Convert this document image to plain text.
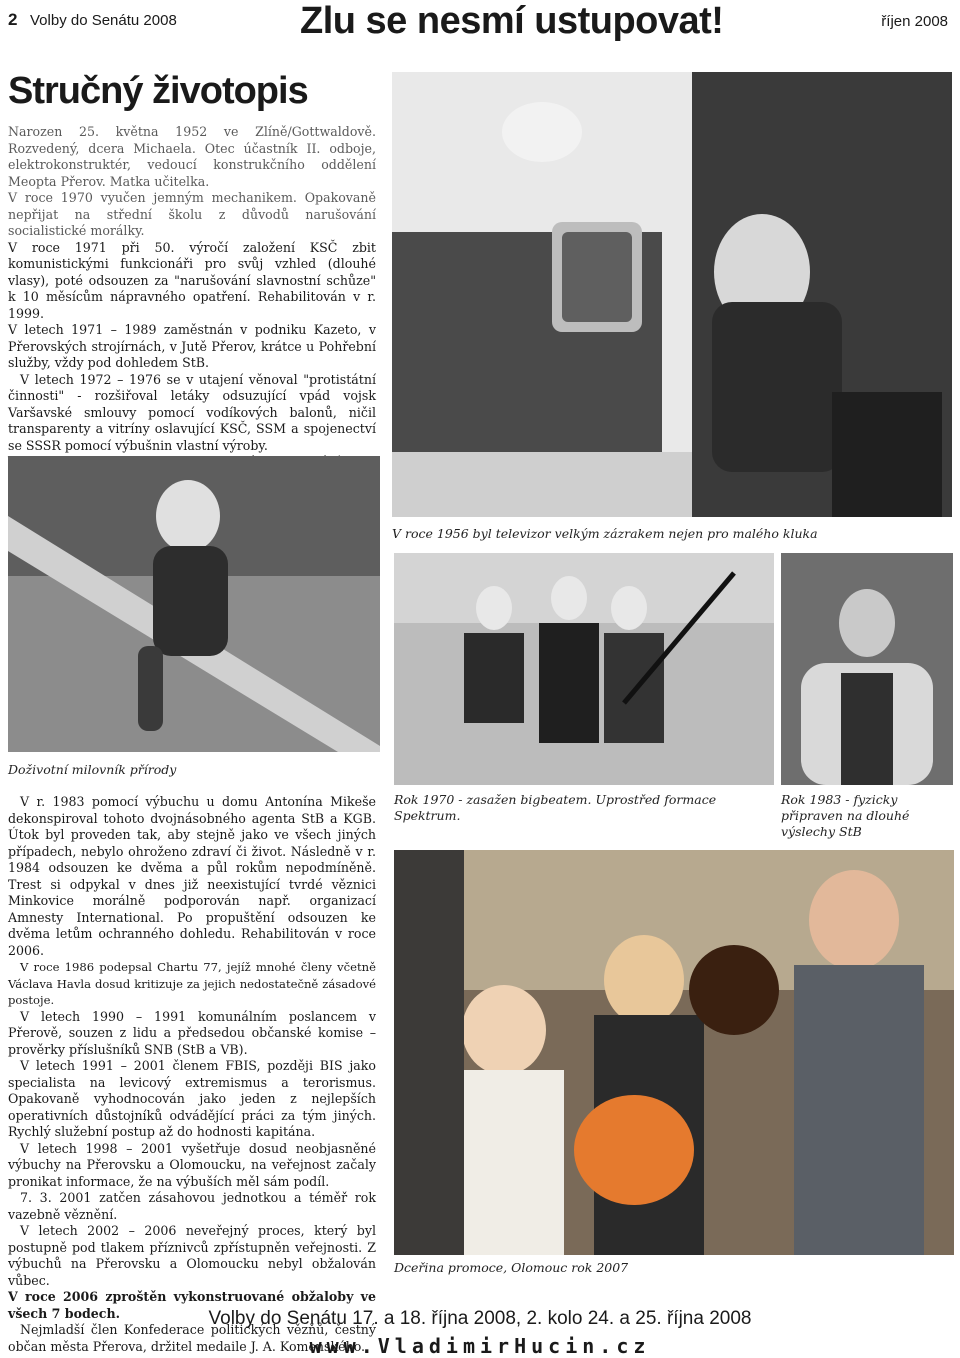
2 Volby do Senátu 2008	Zlu se nesmí ustupovat!	říjen 2008
Stručný životopis

Narozen 25. května 1952 ve Zlíně/Gottwaldově. Rozvedený, dcera Michaela. Otec účastník II. odboje, elektrokonstruktér, vedoucí konstrukčního oddělení Meopta Přerov. Matka učitelka.

V roce 1970 vyučen jemným mechanikem. Opakovaně nepřijat na střední školu z důvodů narušování socialistické morálky.

V roce 1971 při 50. výročí založení KSČ zbit komunistickými funkcionáři pro svůj vzhled (dlouhé vlasy), poté odsouzen za "narušování slavnostní schůze" k 10 měsícům nápravného opatření. Rehabilitován v r. 1999.

V letech 1971 – 1989 zaměstnán v podniku Kazeto, v Přerovských strojírnách, v Jutě Přerov, krátce u Pohřební služby, vždy pod dohledem StB.

V letech 1972 – 1976 se v utajení věnoval "protistátní činnosti" - rozšiřoval letáky odsuzující vpád vojsk Varšavské smlouvy pomocí vodíkových balonů, ničil transparenty a vitríny oslavující KSČ, SSM a spojenectví se SSSR pomocí výbušnin vlastní výroby.

V roce 1956 byl televizor velkým zázrakem nejen pro malého kluka
Doživotní milovník přírody
Rok 1970 - zasažen bigbeatem. Uprostřed formace Spektrum.
Rok 1983 - fyzicky připraven na dlouhé výslechy StB

V r. 1983 pomocí výbuchu u domu Antonína Mikeše dekonspiroval tohoto dvojnásobného agenta StB a KGB. Útok byl proveden tak, aby stejně jako ve všech jiných případech, nebylo ohroženo zdraví či život. Následně v r. 1984 odsouzen ke dvěma a půl rokům nepodmíněně. Trest si odpykal v dnes již neexistující tvrdé věznici Minkovice morálně podporován např. organizací Amnesty International. Po propuštění odsouzen ke dvěma letům ochranného dohledu. Rehabilitován v roce 2006.

V roce 1986 podepsal Chartu 77, jejíž mnohé členy včetně Václava Havla dosud kritizuje za jejich nedostatečně zásadové postoje.

V letech 1990 – 1991 komunálním poslancem v Přerově, souzen z lidu a předsedou občanské komise – prověrky příslušníků SNB (StB a VB).

V letech 1991 – 2001 členem FBIS, později BIS jako specialista na levicový extremismus a terorismus. Opakovaně vyhodnocován jako jeden z nejlepších operativních důstojníků odvádějící práci za tým jiných. Rychlý služební postup až do hodnosti kapitána.

V letech 1998 – 2001 vyšetřuje dosud neobjasněné výbuchy na Přerovsku a Olomoucku, na veřejnost začaly pronikat informace, že na výbuších měl sám podíl.

7. 3. 2001 zatčen zásahovou jednotkou a téměř rok vazebně věznění.

V letech 2002 – 2006 neveřejný proces, který byl postupně pod tlakem příznivců zpřístupněn veřejnosti. Z výbuchů na Přerovsku a Olomoucku nebyl obžalován vůbec.

V roce 2006 zproštěn vykonstruované obžaloby ve všech 7 bodech.

Nejmladší člen Konfederace politických vězňů, čestný občan města Přerova, držitel medaile J. A. Komenského.

Dceřina promoce, Olomouc rok 2007
Volby do Senátu 17. a 18. října 2008, 2. kolo 24. a 25. října 2008
www.VladimirHucin.cz
